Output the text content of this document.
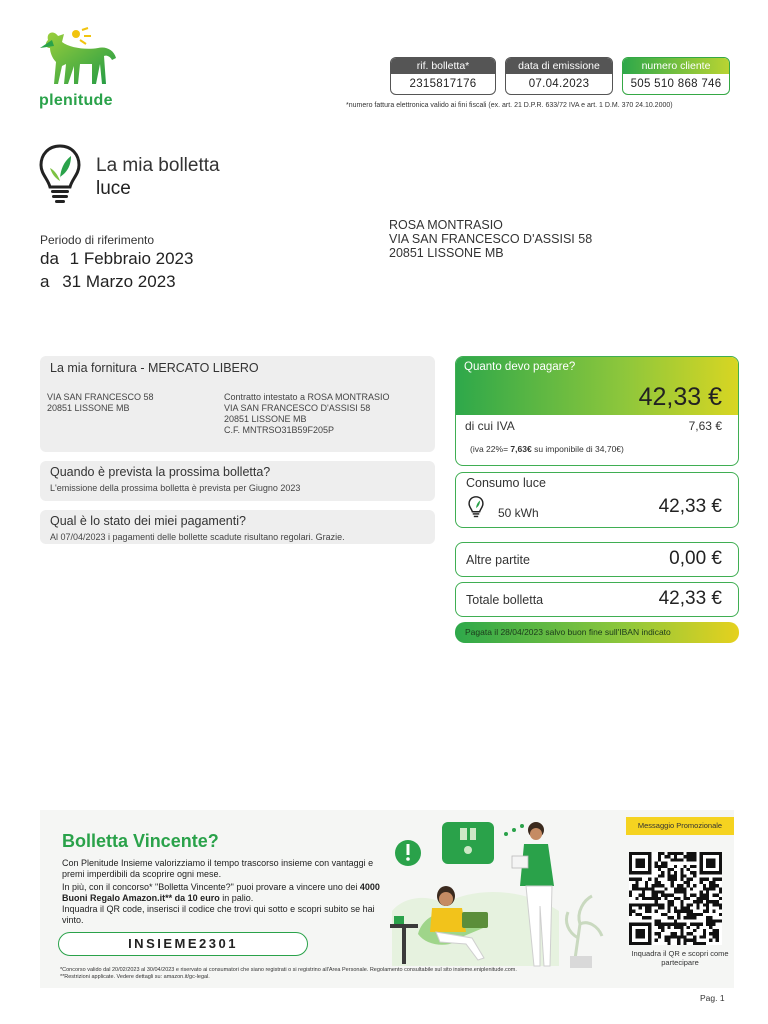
plenitude
rif. bolletta*
2315817176
data di emissione
07.04.2023
numero cliente
505 510 868 746
*numero fattura elettronica valido ai fini fiscali (ex. art. 21 D.P.R. 633/72 IVA e art. 1 D.M. 370 24.10.2000)
La mia bolletta
luce
Periodo di riferimento
da 1 Febbraio 2023
a 31 Marzo 2023
ROSA MONTRASIO
VIA SAN FRANCESCO D'ASSISI 58
20851 LISSONE MB
La mia fornitura - MERCATO LIBERO
VIA SAN FRANCESCO 58
20851 LISSONE MB
Contratto intestato a ROSA MONTRASIO
VIA SAN FRANCESCO D'ASSISI 58
20851 LISSONE MB
C.F. MNTRSO31B59F205P
Quando è prevista la prossima bolletta?
L'emissione della prossima bolletta è prevista per Giugno 2023
Qual è lo stato dei miei pagamenti?
Al 07/04/2023 i pagamenti delle bollette scadute risultano regolari. Grazie.
Quanto devo pagare?
42,33 €
di cui IVA	7,63 €
(iva 22%= 7,63€ su imponibile di 34,70€)
Consumo luce
50 kWh	42,33 €
Altre partite	0,00 €
Totale bolletta	42,33 €
Pagata il 28/04/2023 salvo buon fine sull'IBAN indicato
Bolletta Vincente?
Con Plenitude Insieme valorizziamo il tempo trascorso insieme con vantaggi e premi imperdibili da scoprire ogni mese.
In più, con il concorso* "Bolletta Vincente?" puoi provare a vincere uno dei 4000 Buoni Regalo Amazon.it** da 10 euro in palio.
Inquadra il QR code, inserisci il codice che trovi qui sotto e scopri subito se hai vinto.
INSIEME2301
*Concorso valido dal 20/02/2023 al 30/04/2023 e riservato ai consumatori che siano registrati o si registrino all'Area Personale. Regolamento consultabile sul sito insieme.eniplenitude.com.
**Restrizioni applicate. Vedere dettagli su: amazon.it/gc-legal.
Messaggio Promozionale
Inquadra il QR e scopri come partecipare
Pag. 1
